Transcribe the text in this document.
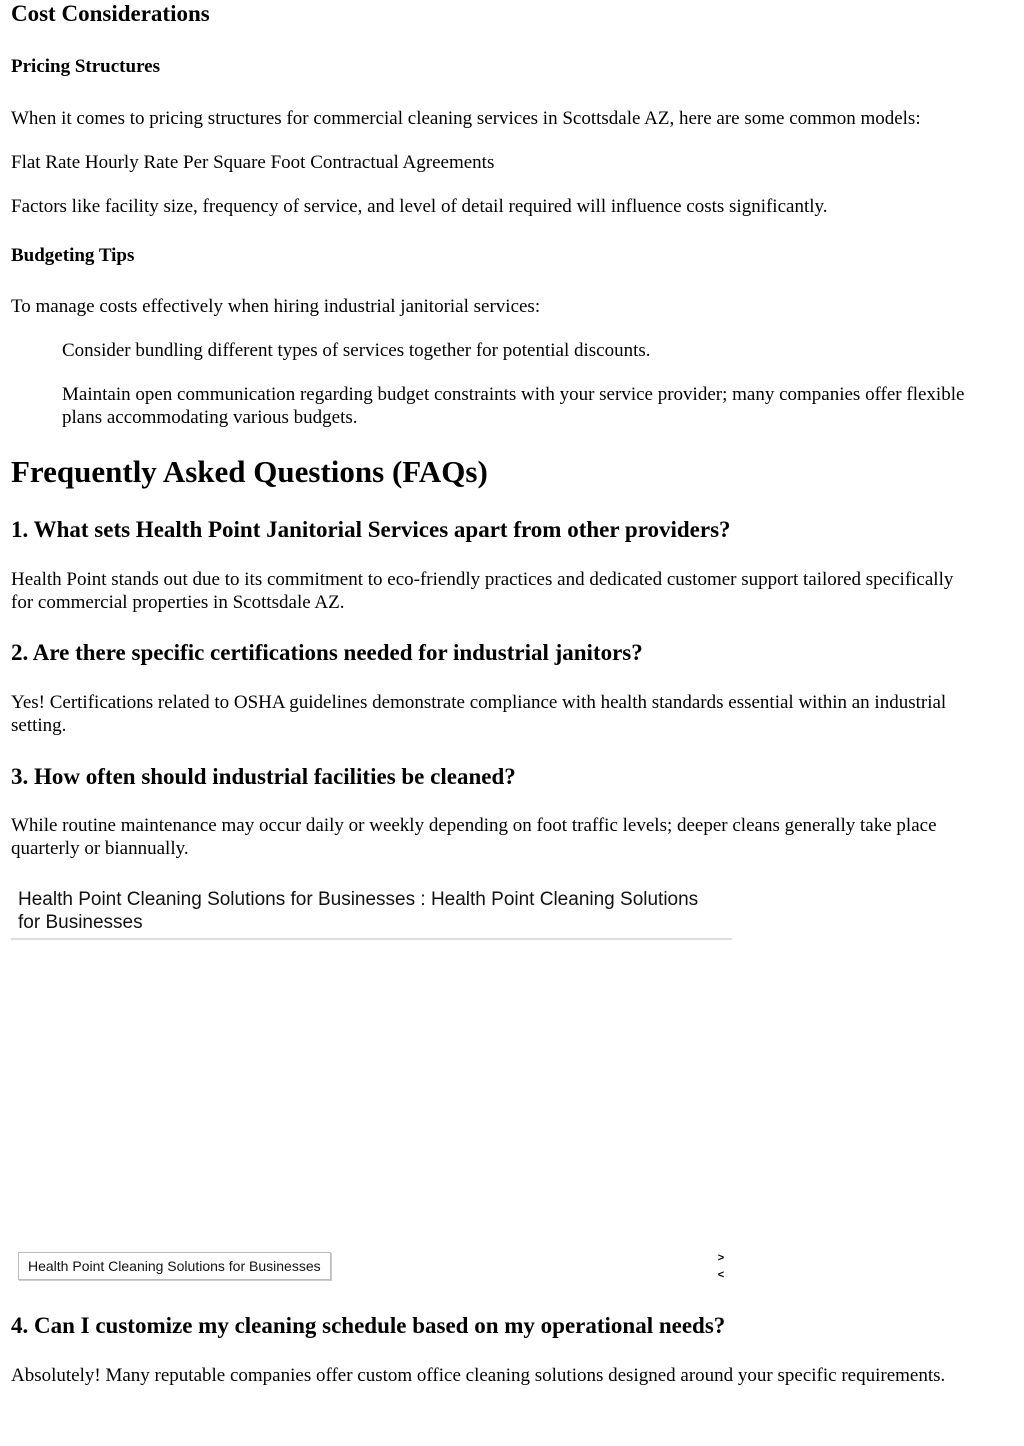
Cost Considerations
Pricing Structures

When it comes to pricing structures for commercial cleaning services in Scottsdale AZ, here are some common models:

Flat Rate Hourly Rate Per Square Foot Contractual Agreements

Factors like facility size, frequency of service, and level of detail required will influence costs significantly.

Budgeting Tips

To manage costs effectively when hiring industrial janitorial services:

Consider bundling different types of services together for potential discounts.

Maintain open communication regarding budget constraints with your service provider; many companies offer flexible plans accommodating various budgets.

Frequently Asked Questions (FAQs)
1. What sets Health Point Janitorial Services apart from other providers?

Health Point stands out due to its commitment to eco-friendly practices and dedicated customer support tailored specifically for commercial properties in Scottsdale AZ.

2. Are there specific certifications needed for industrial janitors?

Yes! Certifications related to OSHA guidelines demonstrate compliance with health standards essential within an industrial setting.

3. How often should industrial facilities be cleaned?

While routine maintenance may occur daily or weekly depending on foot traffic levels; deeper cleans generally take place quarterly or biannually.

Health Point Cleaning Solutions for Businesses : Health Point Cleaning Solutions for Businesses
Health Point Cleaning Solutions for Businesses	>
<
4. Can I customize my cleaning schedule based on my operational needs?

Absolutely! Many reputable companies offer custom office cleaning solutions designed around your specific requirements.
